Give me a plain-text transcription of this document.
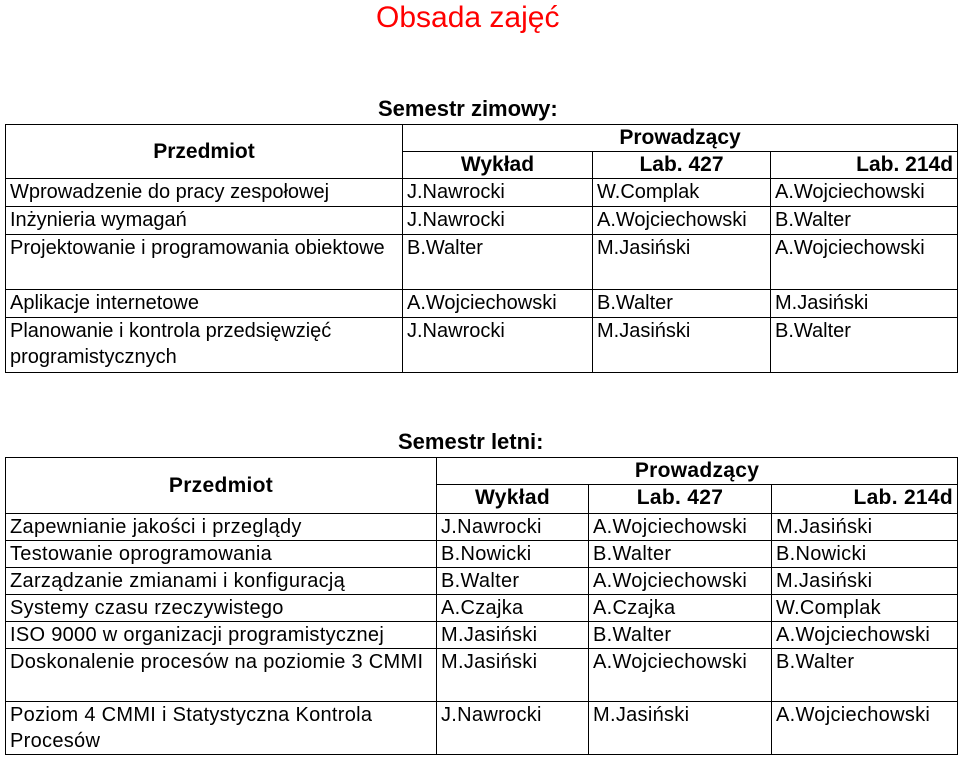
Obsada zajęć
Semestr zimowy:
Przedmiot	Prowadzący		
	Wykład	Lab. 427	Lab. 214d
Wprowadzenie do pracy zespołowej	J.Nawrocki	W.Complak	A.Wojciechowski
Inżynieria wymagań	J.Nawrocki	A.Wojciechowski	B.Walter
Projektowanie i programowania obiektowe	B.Walter	M.Jasiński	A.Wojciechowski
Aplikacje internetowe	A.Wojciechowski	B.Walter	M.Jasiński
Planowanie i kontrola przedsięwzięć programistycznych	J.Nawrocki	M.Jasiński	B.Walter
Semestr letni:
Przedmiot	Prowadzący		
	Wykład	Lab. 427	Lab. 214d
Zapewnianie jakości i przeglądy	J.Nawrocki	A.Wojciechowski	M.Jasiński
Testowanie oprogramowania	B.Nowicki	B.Walter	B.Nowicki
Zarządzanie zmianami i konfiguracją	B.Walter	A.Wojciechowski	M.Jasiński
Systemy czasu rzeczywistego	A.Czajka	A.Czajka	W.Complak
ISO 9000 w organizacji programistycznej	M.Jasiński	B.Walter	A.Wojciechowski
Doskonalenie procesów na poziomie 3 CMMI	M.Jasiński	A.Wojciechowski	B.Walter
Poziom 4 CMMI i Statystyczna Kontrola Procesów	J.Nawrocki	M.Jasiński	A.Wojciechowski
